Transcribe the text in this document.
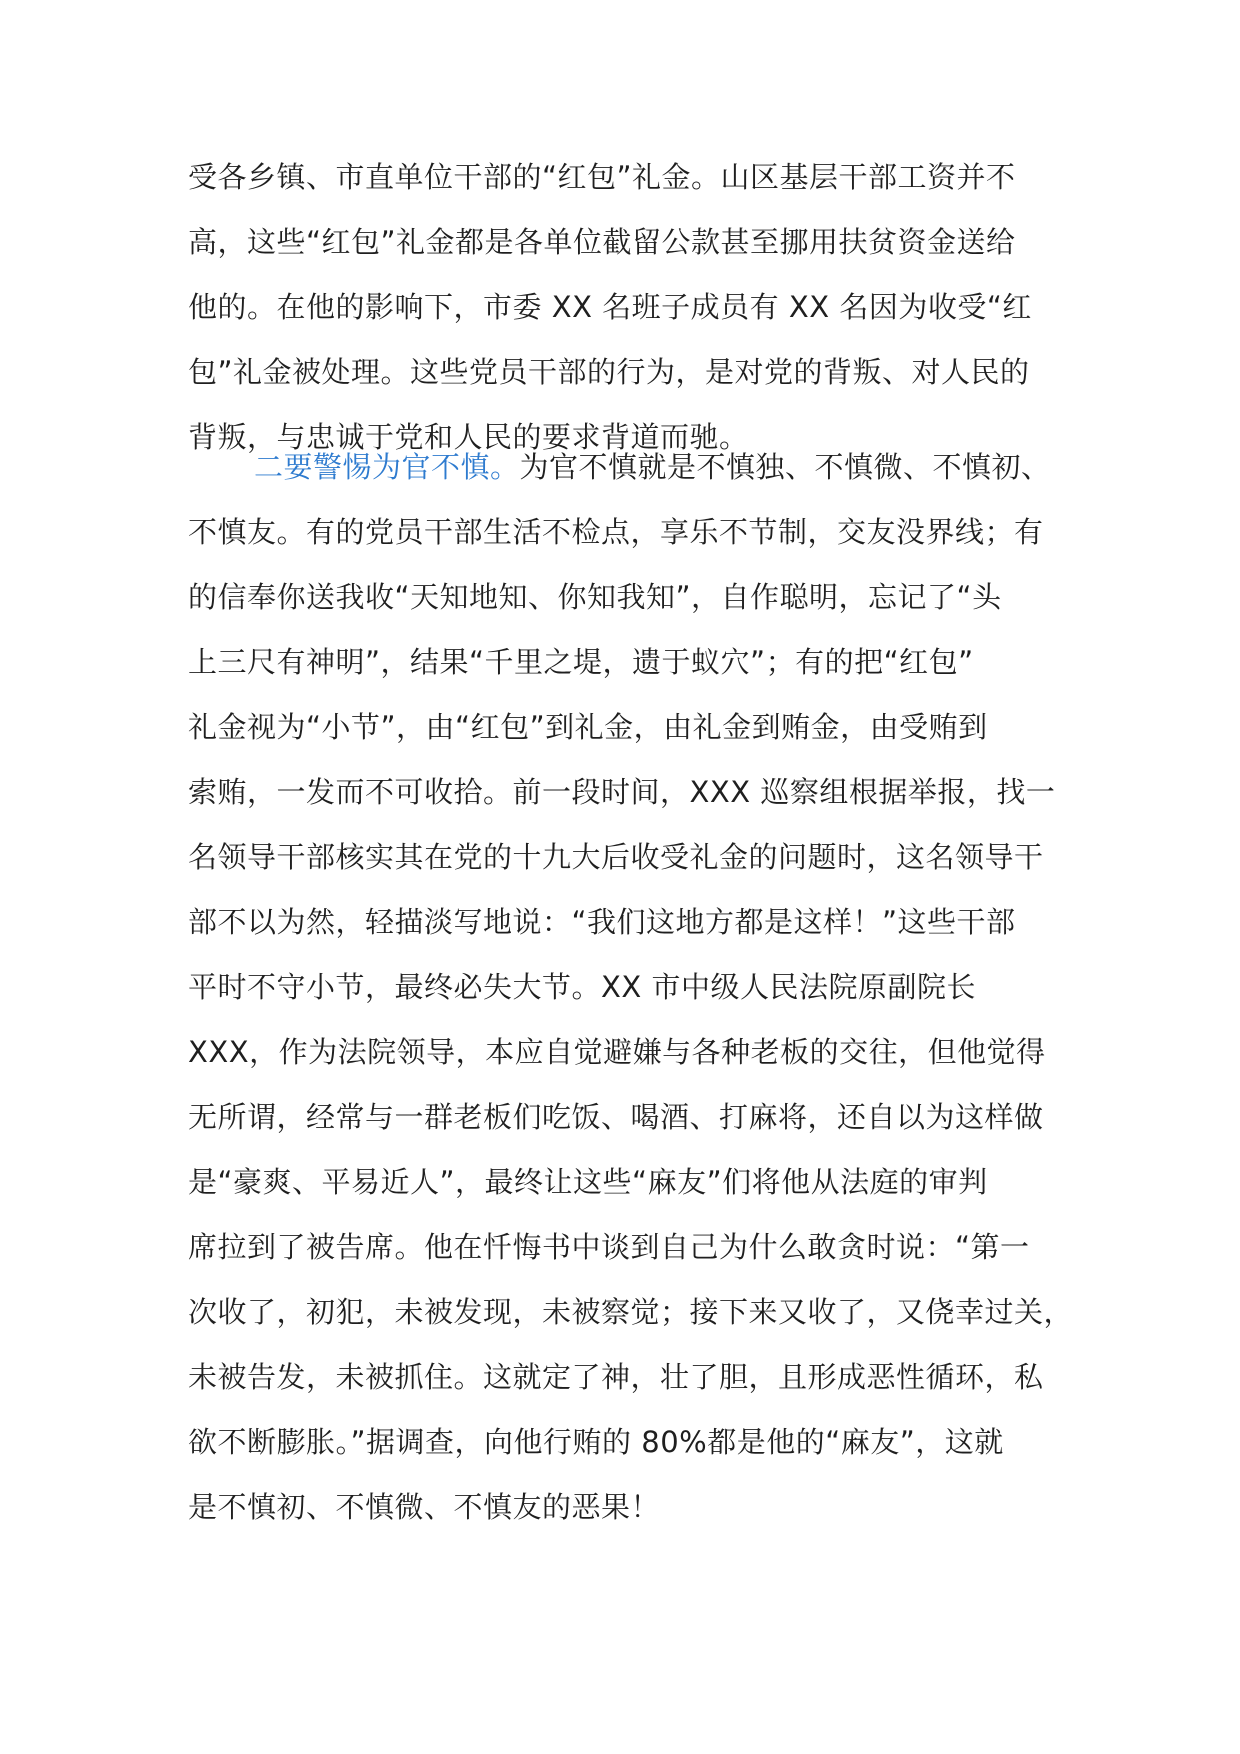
受各乡镇、市直单位干部的“红包”礼金。山区基层干部工资并不
高，这些“红包”礼金都是各单位截留公款甚至挪用扶贫资金送给
他的。在他的影响下，市委 XX 名班子成员有 XX 名因为收受“红
包”礼金被处理。这些党员干部的行为，是对党的背叛、对人民的
背叛，与忠诚于党和人民的要求背道而驰。
二要警惕为官不慎。为官不慎就是不慎独、不慎微、不慎初、
不慎友。有的党员干部生活不检点，享乐不节制，交友没界线；有
的信奉你送我收“天知地知、你知我知”，自作聪明，忘记了“头
上三尺有神明”，结果“千里之堤，遗于蚁穴”；有的把“红包”
礼金视为“小节”，由“红包”到礼金，由礼金到贿金，由受贿到
索贿，一发而不可收拾。前一段时间，XXX 巡察组根据举报，找一
名领导干部核实其在党的十九大后收受礼金的问题时，这名领导干
部不以为然，轻描淡写地说：“我们这地方都是这样！”这些干部
平时不守小节，最终必失大节。XX 市中级人民法院原副院长
XXX，作为法院领导，本应自觉避嫌与各种老板的交往，但他觉得
无所谓，经常与一群老板们吃饭、喝酒、打麻将，还自以为这样做
是“豪爽、平易近人”，最终让这些“麻友”们将他从法庭的审判
席拉到了被告席。他在忏悔书中谈到自己为什么敢贪时说：“第一
次收了，初犯，未被发现，未被察觉；接下来又收了，又侥幸过关，
未被告发，未被抓住。这就定了神，壮了胆，且形成恶性循环，私
欲不断膨胀。”据调查，向他行贿的 80%都是他的“麻友”，这就
是不慎初、不慎微、不慎友的恶果！
